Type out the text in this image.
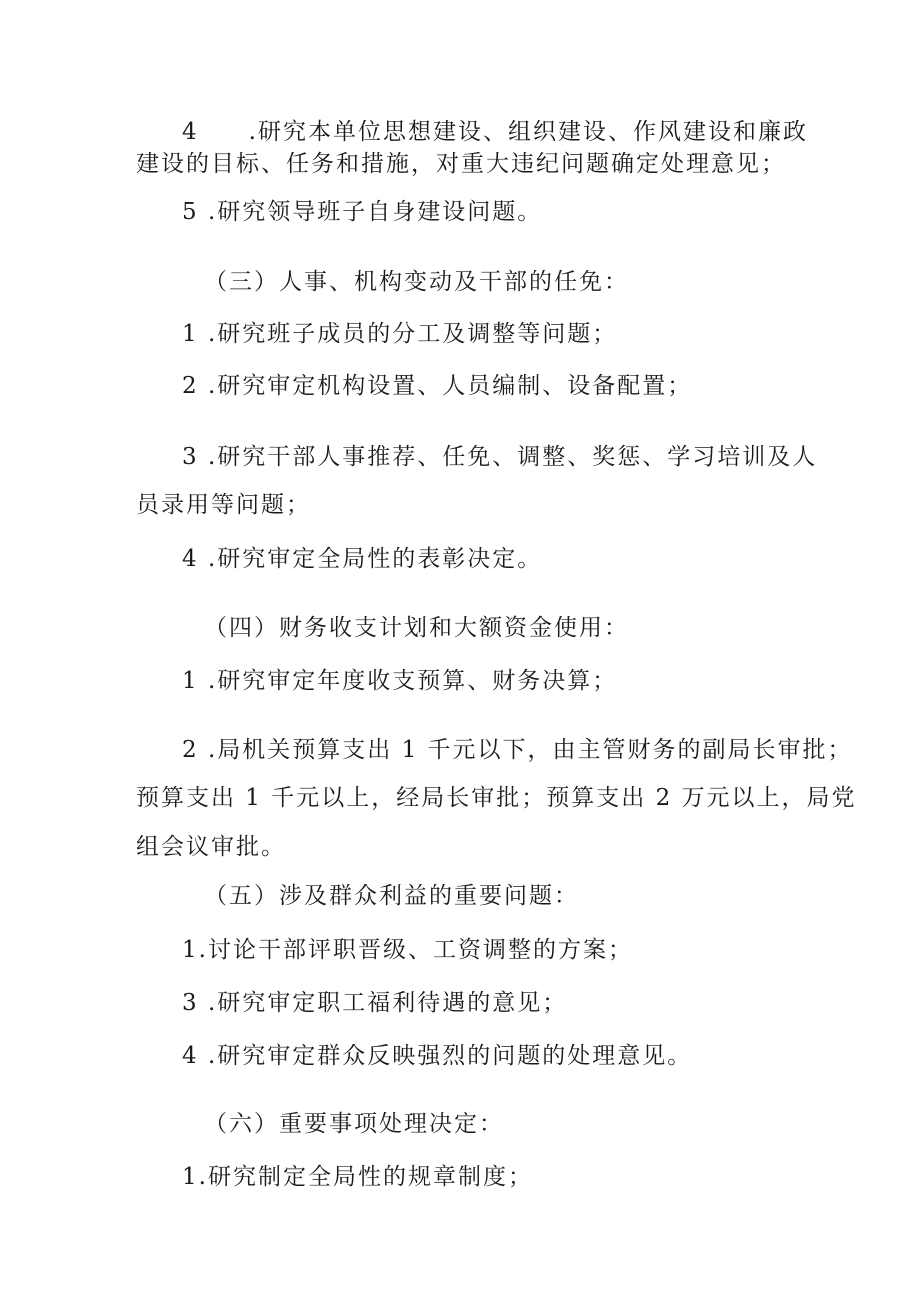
4　　.研究本单位思想建设、组织建设、作风建设和廉政

建设的目标、任务和措施，对重大违纪问题确定处理意见；

5 .研究领导班子自身建设问题。

（三）人事、机构变动及干部的任免：

1 .研究班子成员的分工及调整等问题；

2 .研究审定机构设置、人员编制、设备配置；

3 .研究干部人事推荐、任免、调整、奖惩、学习培训及人

员录用等问题；

4 .研究审定全局性的表彰决定。

（四）财务收支计划和大额资金使用：

1 .研究审定年度收支预算、财务决算；

2 .局机关预算支出 1 千元以下，由主管财务的副局长审批；

预算支出 1 千元以上，经局长审批；预算支出 2 万元以上，局党

组会议审批。

（五）涉及群众利益的重要问题：

1.讨论干部评职晋级、工资调整的方案；

3 .研究审定职工福利待遇的意见；

4 .研究审定群众反映强烈的问题的处理意见。

（六）重要事项处理决定：

1.研究制定全局性的规章制度；
